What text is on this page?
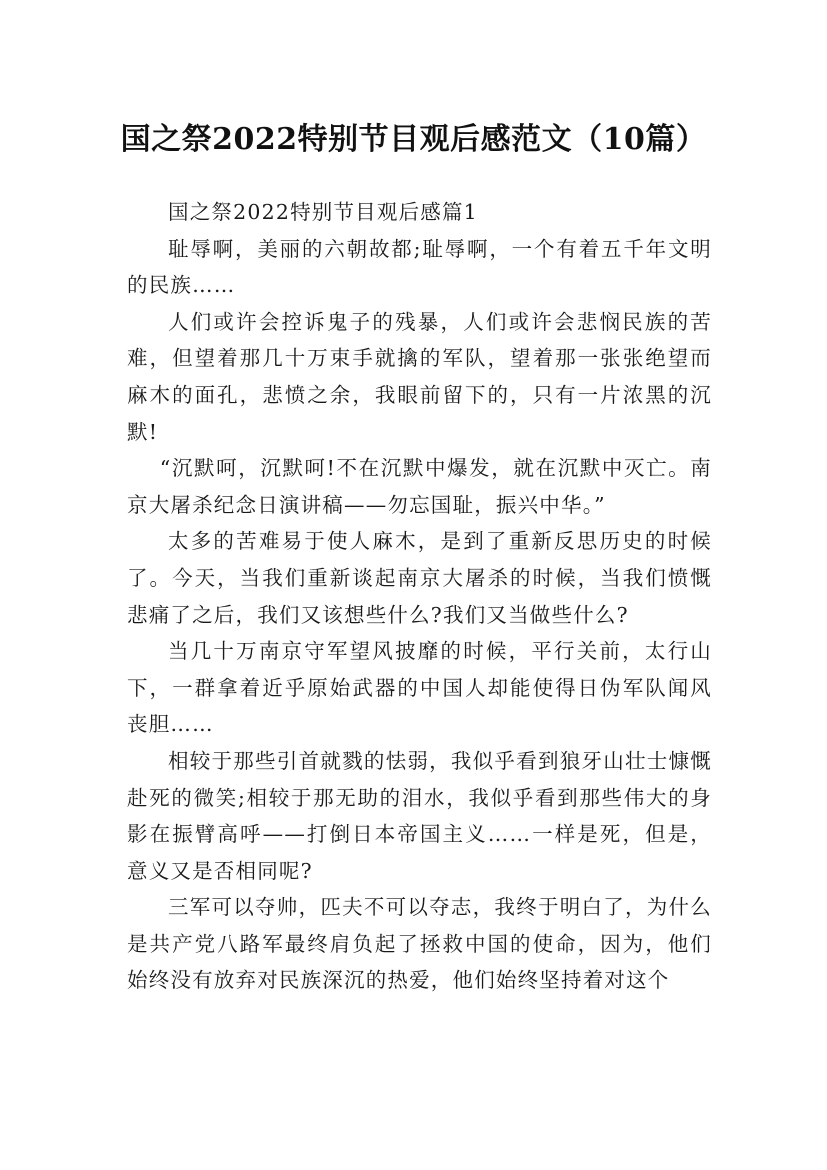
国之祭2022特别节目观后感范文（10篇）

国之祭2022特别节目观后感篇1

耻辱啊，美丽的六朝故都;耻辱啊，一个有着五千年文明的民族……

人们或许会控诉鬼子的残暴，人们或许会悲悯民族的苦难，但望着那几十万束手就擒的军队，望着那一张张绝望而麻木的面孔，悲愤之余，我眼前留下的，只有一片浓黑的沉默!

“沉默呵，沉默呵!不在沉默中爆发，就在沉默中灭亡。南京大屠杀纪念日演讲稿——勿忘国耻，振兴中华。”

太多的苦难易于使人麻木，是到了重新反思历史的时候了。今天，当我们重新谈起南京大屠杀的时候，当我们愤慨悲痛了之后，我们又该想些什么?我们又当做些什么?

当几十万南京守军望风披靡的时候，平行关前，太行山下，一群拿着近乎原始武器的中国人却能使得日伪军队闻风丧胆……

相较于那些引首就戮的怯弱，我似乎看到狼牙山壮士慷慨赴死的微笑;相较于那无助的泪水，我似乎看到那些伟大的身影在振臂高呼——打倒日本帝国主义……一样是死，但是，意义又是否相同呢?

三军可以夺帅，匹夫不可以夺志，我终于明白了，为什么是共产党八路军最终肩负起了拯救中国的使命，因为，他们始终没有放弃对民族深沉的热爱，他们始终坚持着对这个
